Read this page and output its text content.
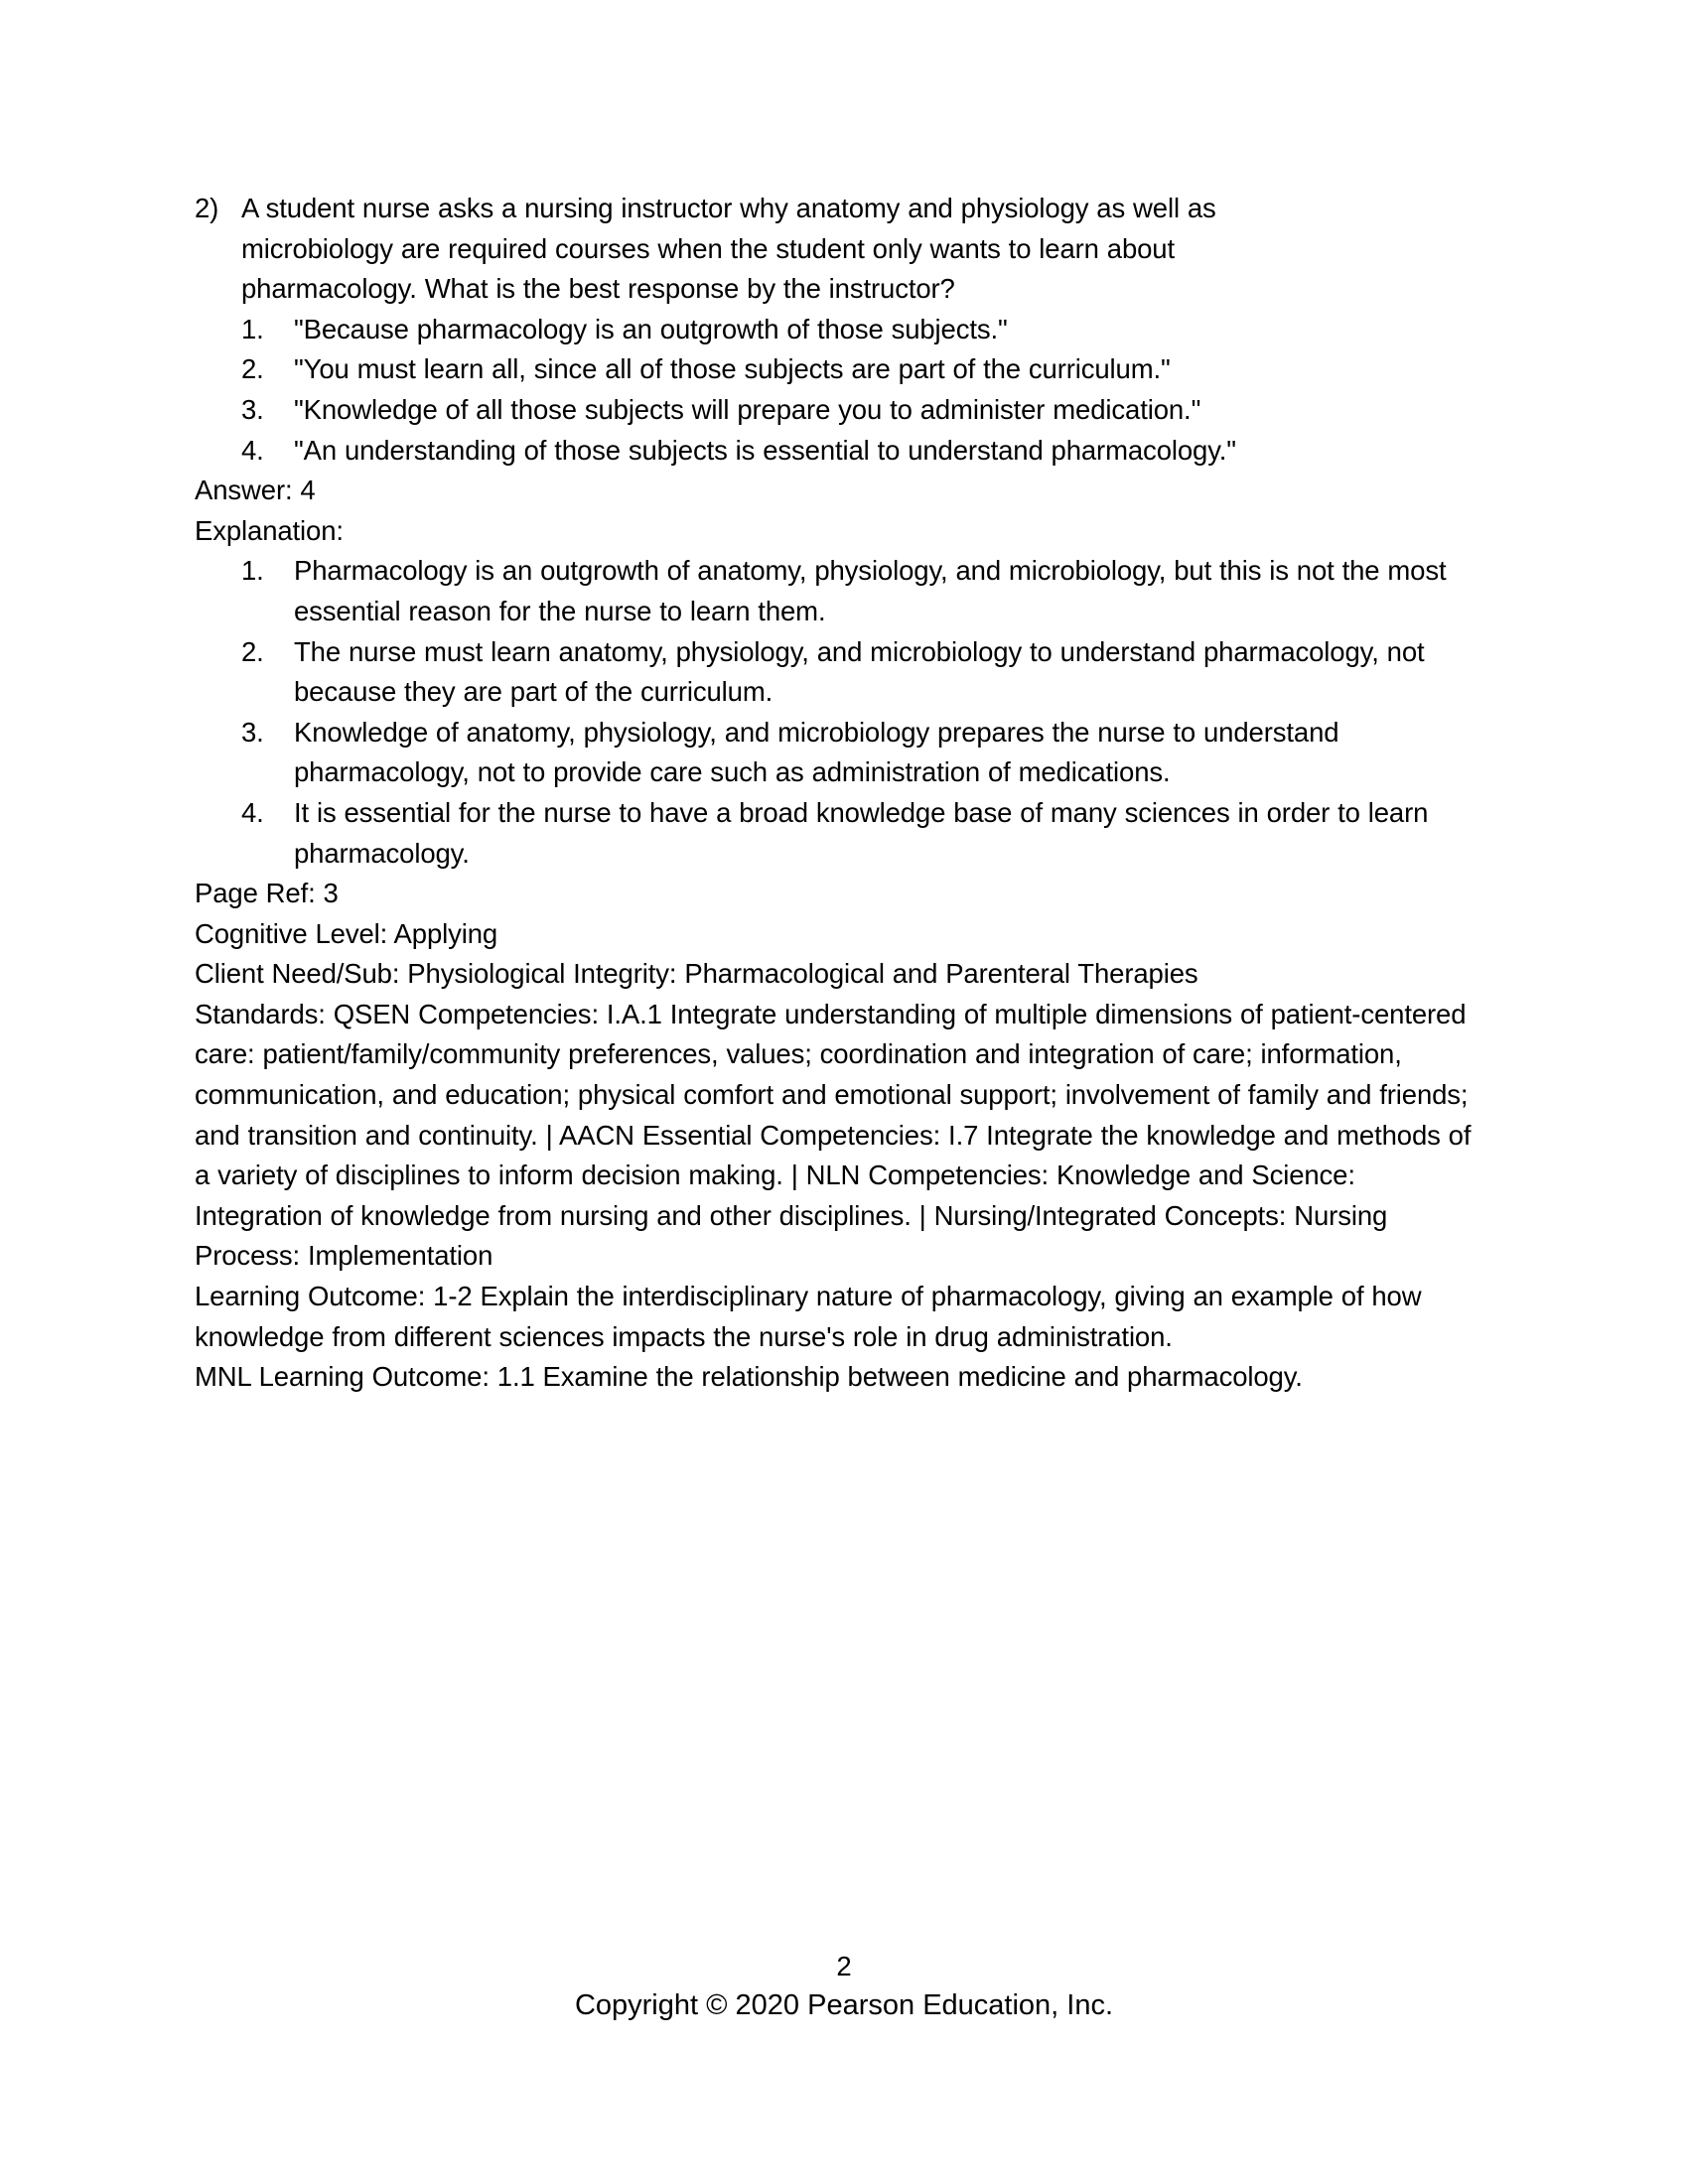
2) A student nurse asks a nursing instructor why anatomy and physiology as well as microbiology are required courses when the student only wants to learn about pharmacology. What is the best response by the instructor?
1.	"Because pharmacology is an outgrowth of those subjects."
2.	"You must learn all, since all of those subjects are part of the curriculum."
3.	"Knowledge of all those subjects will prepare you to administer medication."
4.	"An understanding of those subjects is essential to understand pharmacology."
Answer: 4
Explanation:
1.	Pharmacology is an outgrowth of anatomy, physiology, and microbiology, but this is not the most essential reason for the nurse to learn them.
2.	The nurse must learn anatomy, physiology, and microbiology to understand pharmacology, not because they are part of the curriculum.
3.	Knowledge of anatomy, physiology, and microbiology prepares the nurse to understand pharmacology, not to provide care such as administration of medications.
4.	It is essential for the nurse to have a broad knowledge base of many sciences in order to learn pharmacology.
Page Ref: 3
Cognitive Level: Applying
Client Need/Sub: Physiological Integrity: Pharmacological and Parenteral Therapies
Standards: QSEN Competencies: I.A.1 Integrate understanding of multiple dimensions of patient-centered care: patient/family/community preferences, values; coordination and integration of care; information, communication, and education; physical comfort and emotional support; involvement of family and friends; and transition and continuity. | AACN Essential Competencies: I.7 Integrate the knowledge and methods of a variety of disciplines to inform decision making. | NLN Competencies: Knowledge and Science: Integration of knowledge from nursing and other disciplines. | Nursing/Integrated Concepts: Nursing Process: Implementation
Learning Outcome: 1-2 Explain the interdisciplinary nature of pharmacology, giving an example of how knowledge from different sciences impacts the nurse's role in drug administration.
MNL Learning Outcome: 1.1 Examine the relationship between medicine and pharmacology.
2
Copyright © 2020 Pearson Education, Inc.
